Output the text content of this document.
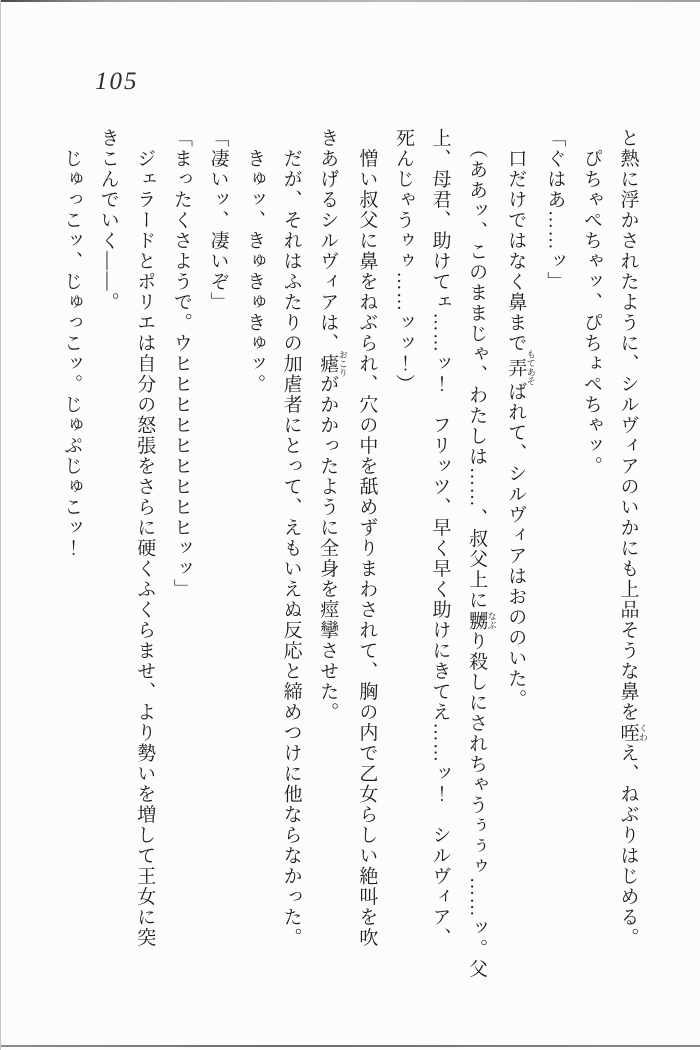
105
と熱に浮かされたように、シルヴィアのいかにも上品そうな鼻を咥 くわえ、ねぶりはじめる。
　ぴちゃぺちゃッ、ぴちょぺちゃッ。
「ぐはあ……ッ」
　口だけではなく鼻まで弄 もてあそばれて、シルヴィアはおののいた。
　（ああッ、このままじゃ、わたしは……、叔父上に嬲 なぶり殺しにされちゃうぅぅゥ……ッ。父
上、母君、助けてェ……ッ！　フリッツ、早く早く助けにきてえ……ッ！　シルヴィア、
死んじゃうゥゥ……ッッ！）
　憎い叔父に鼻をねぶられ、穴の中を舐めずりまわされて、胸の内で乙女らしい絶叫を吹
きあげるシルヴィアは、瘧 おこりがかかったように全身を痙攣させた。
　だが、それはふたりの加虐者にとって、えもいえぬ反応と締めつけに他ならなかった。
　きゅッ、きゅきゅきゅッ。
「凄いッ、凄いぞ」
「まったくさようで。ウヒヒヒヒヒヒヒヒヒッッ」
　ジェラードとポリエは自分の怒張をさらに硬くふくらませ、より勢いを増して王女に突
きこんでいく――。
　じゅっこッ、じゅっこッ。じゅぷじゅこッ！
